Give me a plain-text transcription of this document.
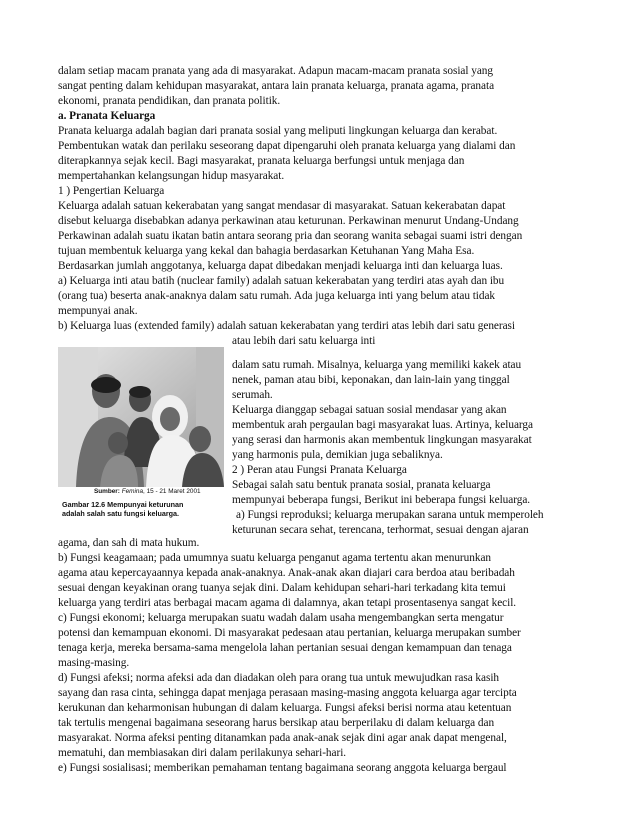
dalam setiap macam pranata yang ada di masyarakat. Adapun macam-macam pranata sosial yang
sangat penting dalam kehidupan masyarakat, antara lain pranata keluarga, pranata agama, pranata
ekonomi, pranata pendidikan, dan pranata politik.
a. Pranata Keluarga
Pranata keluarga adalah bagian dari pranata sosial yang meliputi lingkungan keluarga dan kerabat.
Pembentukan watak dan perilaku seseorang dapat dipengaruhi oleh pranata keluarga yang dialami dan
diterapkannya sejak kecil. Bagi masyarakat, pranata keluarga berfungsi untuk menjaga dan
mempertahankan kelangsungan hidup masyarakat.
1 ) Pengertian Keluarga
Keluarga adalah satuan kekerabatan yang sangat mendasar di masyarakat. Satuan kekerabatan dapat
disebut keluarga disebabkan adanya perkawinan atau keturunan. Perkawinan menurut Undang-Undang
Perkawinan adalah suatu ikatan batin antara seorang pria dan seorang wanita sebagai suami istri dengan
tujuan membentuk keluarga yang kekal dan bahagia berdasarkan Ketuhanan Yang Maha Esa.
Berdasarkan jumlah anggotanya, keluarga dapat dibedakan menjadi keluarga inti dan keluarga luas.
a) Keluarga inti atau batih (nuclear family) adalah satuan kekerabatan yang terdiri atas ayah dan ibu
(orang tua) beserta anak-anaknya dalam satu rumah. Ada juga keluarga inti yang belum atau tidak
mempunyai anak.
b) Keluarga luas (extended family) adalah satuan kekerabatan yang terdiri atas lebih dari satu generasi
atau lebih dari satu keluarga inti
dalam satu rumah. Misalnya, keluarga yang memiliki kakek atau
nenek, paman atau bibi, keponakan, dan lain-lain yang tinggal
serumah.
Keluarga dianggap sebagai satuan sosial mendasar yang akan
membentuk arah pergaulan bagi masyarakat luas. Artinya, keluarga
yang serasi dan harmonis akan membentuk lingkungan masyarakat
yang harmonis pula, demikian juga sebaliknya.
2 ) Peran atau Fungsi Pranata Keluarga
Sebagai salah satu bentuk pranata sosial, pranata keluarga
mempunyai beberapa fungsi, Berikut ini beberapa fungsi keluarga.
a) Fungsi reproduksi; keluarga merupakan sarana untuk memperoleh
keturunan secara sehat, terencana, terhormat, sesuai dengan ajaran
agama, dan sah di mata hukum.
b) Fungsi keagamaan; pada umumnya suatu keluarga penganut agama tertentu akan menurunkan
agama atau kepercayaannya kepada anak-anaknya. Anak-anak akan diajari cara berdoa atau beribadah
sesuai dengan keyakinan orang tuanya sejak dini. Dalam kehidupan sehari-hari terkadang kita temui
keluarga yang terdiri atas berbagai macam agama di dalamnya, akan tetapi prosentasenya sangat kecil.
c) Fungsi ekonomi; keluarga merupakan suatu wadah dalam usaha mengembangkan serta mengatur
potensi dan kemampuan ekonomi. Di masyarakat pedesaan atau pertanian, keluarga merupakan sumber
tenaga kerja, mereka bersama-sama mengelola lahan pertanian sesuai dengan kemampuan dan tenaga
masing-masing.
d) Fungsi afeksi; norma afeksi ada dan diadakan oleh para orang tua untuk mewujudkan rasa kasih
sayang dan rasa cinta, sehingga dapat menjaga perasaan masing-masing anggota keluarga agar tercipta
kerukunan dan keharmonisan hubungan di dalam keluarga. Fungsi afeksi berisi norma atau ketentuan
tak tertulis mengenai bagaimana seseorang harus bersikap atau berperilaku di dalam keluarga dan
masyarakat. Norma afeksi penting ditanamkan pada anak-anak sejak dini agar anak dapat mengenal,
mematuhi, dan membiasakan diri dalam perilakunya sehari-hari.
e) Fungsi sosialisasi; memberikan pemahaman tentang bagaimana seorang anggota keluarga bergaul
Sumber: Femina, 15 - 21 Maret 2001
Gambar 12.6 Mempunyai keturunan
adalah salah satu fungsi keluarga.
